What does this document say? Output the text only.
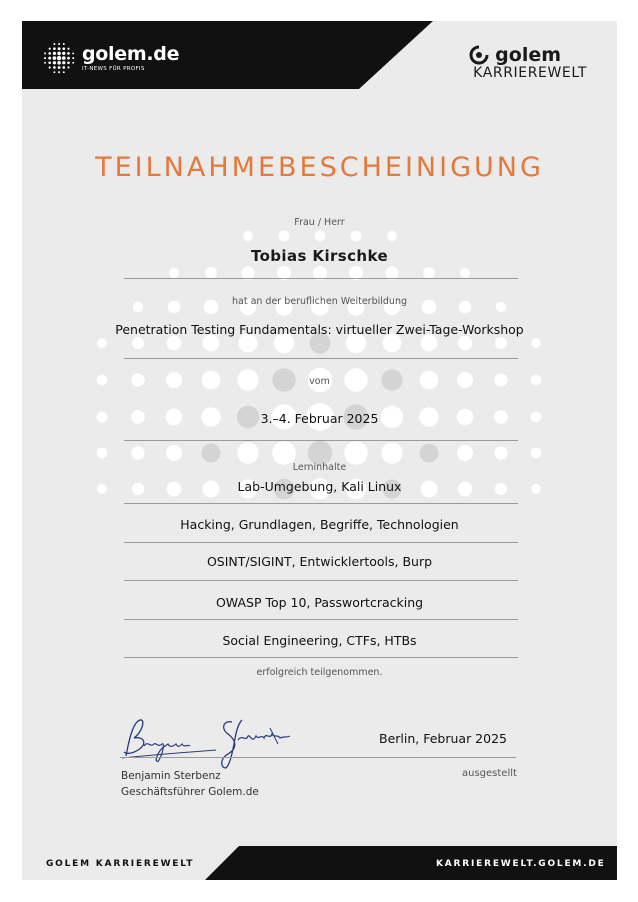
golem.de
IT-NEWS FÜR PROFIS
golem
KARRIEREWELT
TEILNAHMEBESCHEINIGUNG
Frau / Herr
Tobias Kirschke
hat an der beruflichen Weiterbildung
Penetration Testing Fundamentals: virtueller Zwei-Tage-Workshop
vom
3.–4. Februar 2025
Lerninhalte
Lab-Umgebung, Kali Linux
Hacking, Grundlagen, Begriffe, Technologien
OSINT/SIGINT, Entwicklertools, Burp
OWASP Top 10, Passwortcracking
Social Engineering, CTFs, HTBs
erfolgreich teilgenommen.
Berlin, Februar 2025
Benjamin Sterbenz
Geschäftsführer Golem.de
ausgestellt
GOLEM KARRIEREWELT	KARRIEREWELT.GOLEM.DE
